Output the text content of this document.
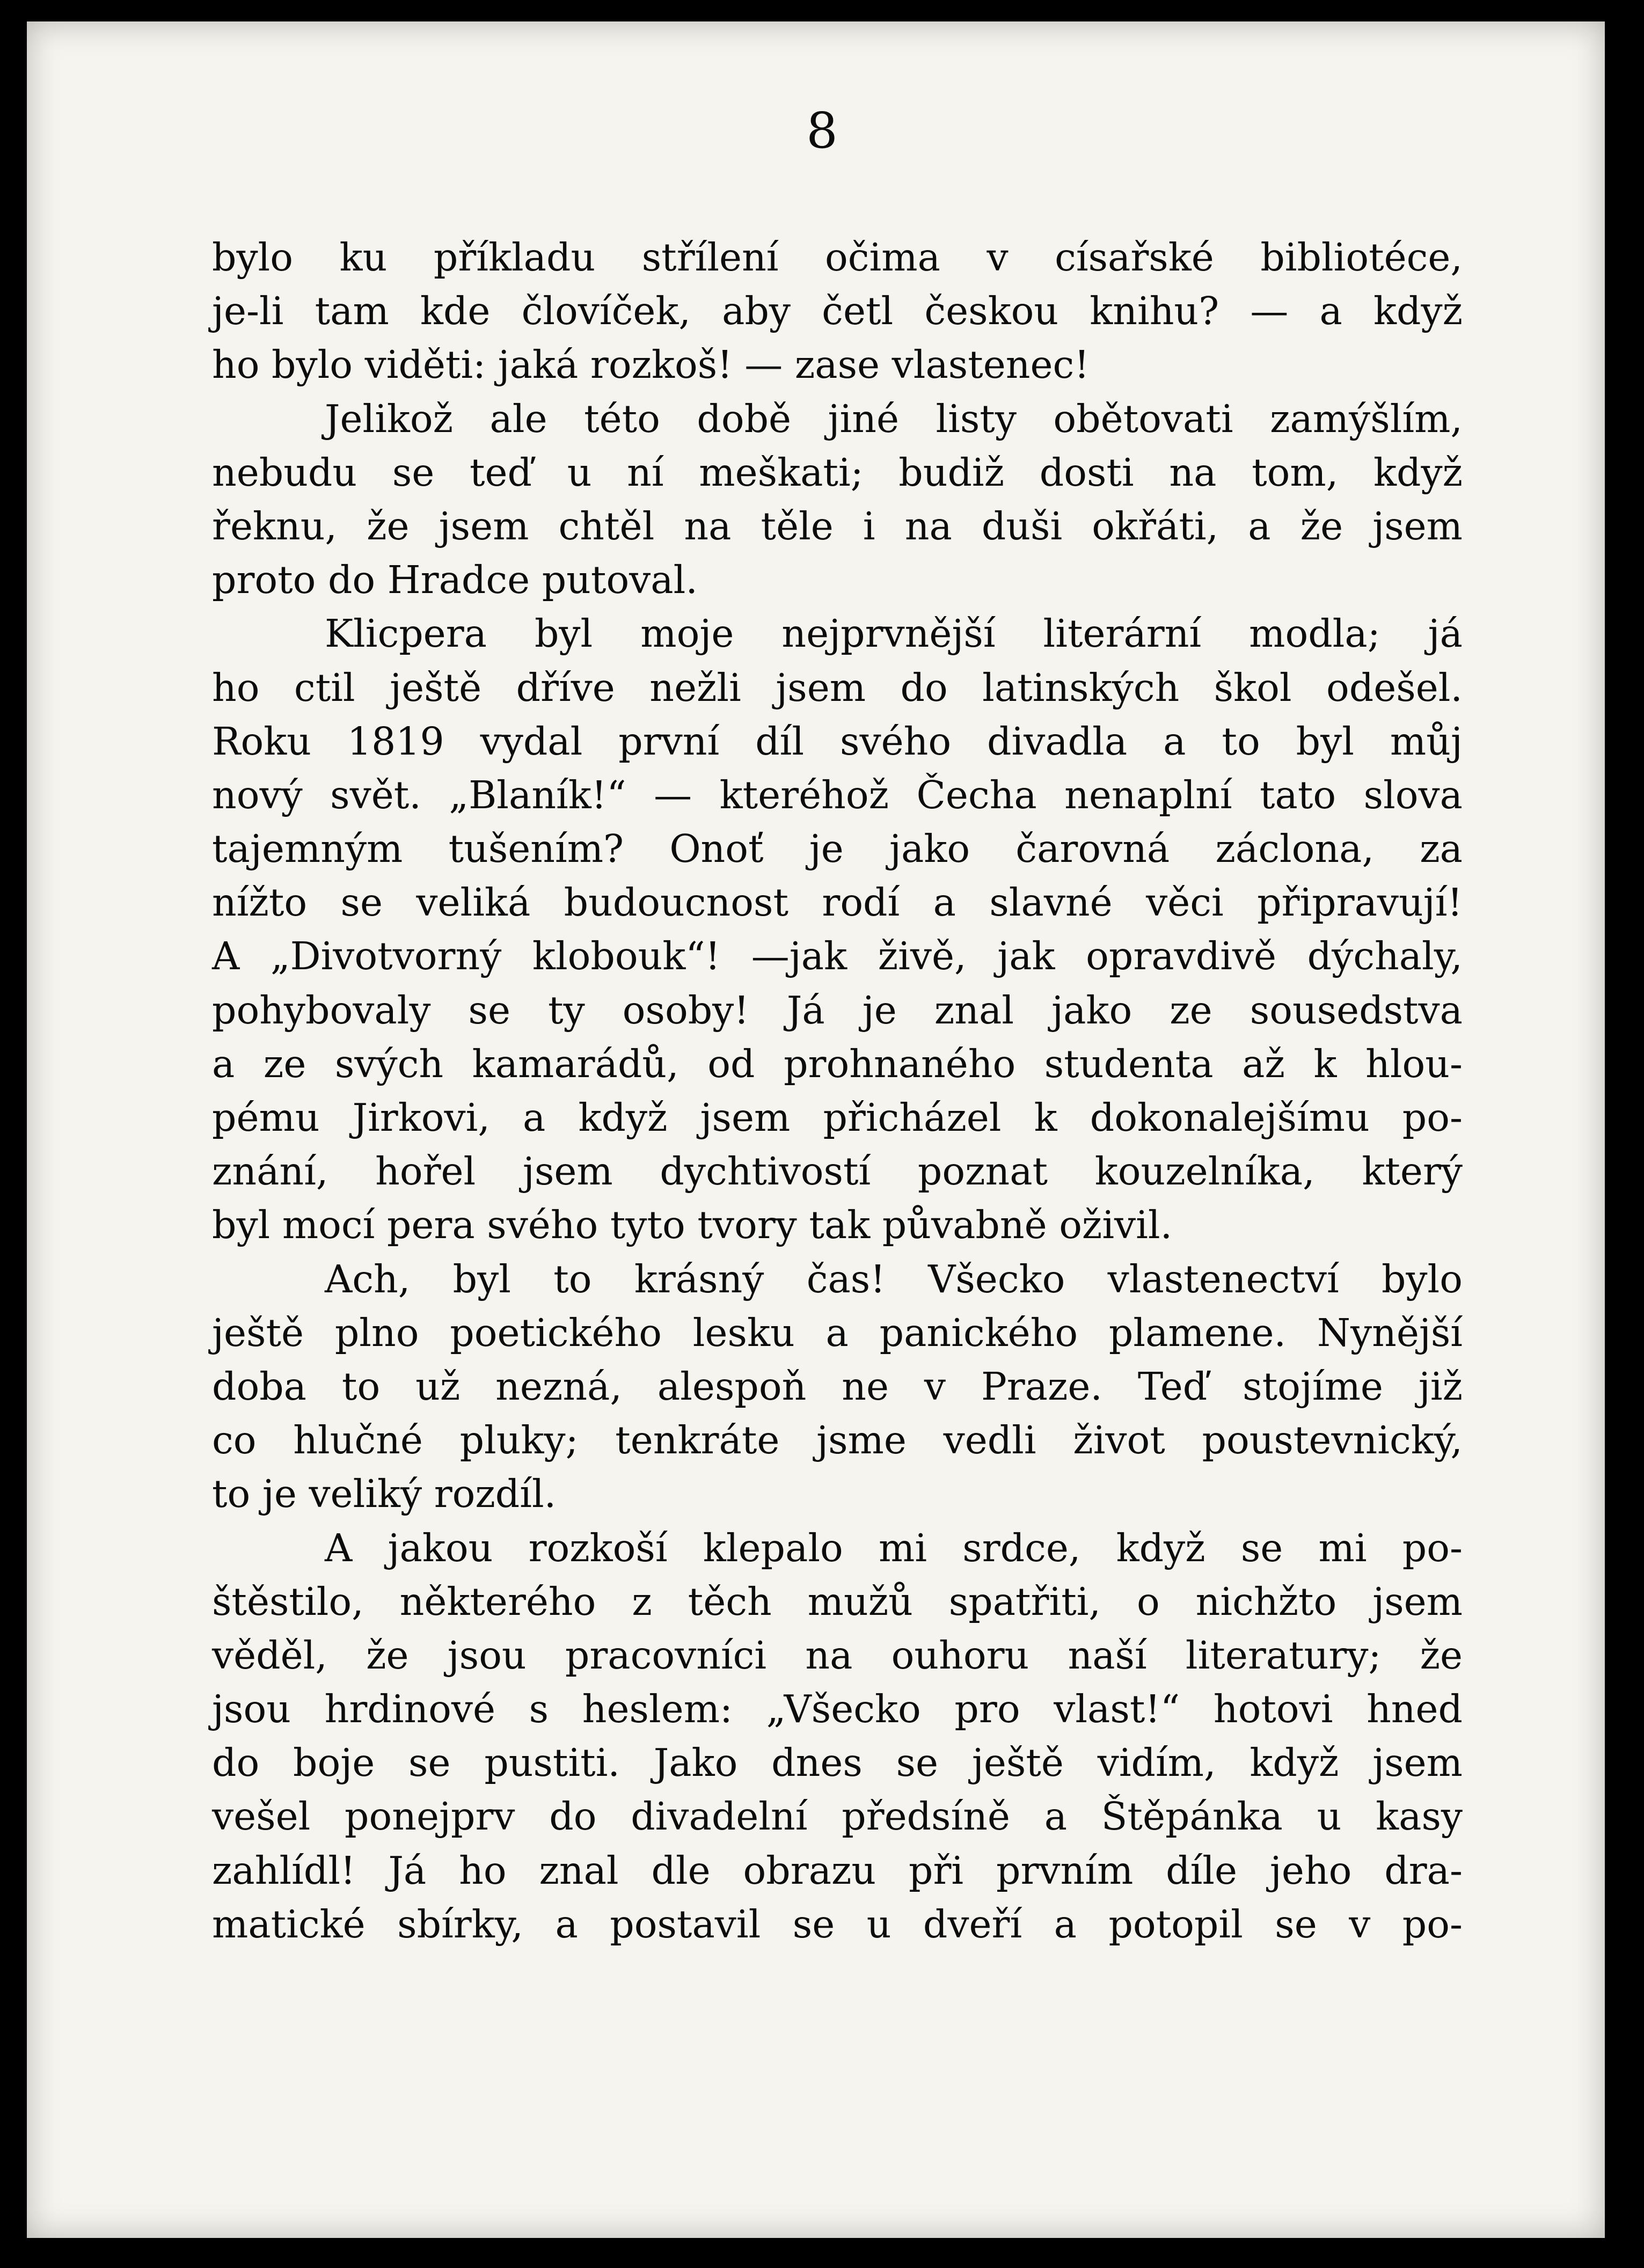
8
bylo ku příkladu střílení očima v císařské bibliotéce,
je-li tam kde človíček, aby četl českou knihu? — a když
ho bylo viděti: jaká rozkoš! — zase vlastenec!
Jelikož ale této době jiné listy obětovati zamýšlím,
nebudu se teď u ní meškati; budiž dosti na tom, když
řeknu, že jsem chtěl na těle i na duši okřáti, a že jsem
proto do Hradce putoval.
Klicpera byl moje nejprvnější literární modla; já
ho ctil ještě dříve nežli jsem do latinských škol odešel.
Roku 1819 vydal první díl svého divadla a to byl můj
nový svět. „Blaník!“ — kteréhož Čecha nenaplní tato slova
tajemným tušením? Onoť je jako čarovná záclona, za
nížto se veliká budoucnost rodí a slavné věci připravují!
A „Divotvorný klobouk“! —jak živě, jak opravdivě dýchaly,
pohybovaly se ty osoby! Já je znal jako ze sousedstva
a ze svých kamarádů, od prohnaného studenta až k hlou-
pému Jirkovi, a když jsem přicházel k dokonalejšímu po-
znání, hořel jsem dychtivostí poznat kouzelníka, který
byl mocí pera svého tyto tvory tak půvabně oživil.
Ach, byl to krásný čas! Všecko vlastenectví bylo
ještě plno poetického lesku a panického plamene. Nynější
doba to už nezná, alespoň ne v Praze. Teď stojíme již
co hlučné pluky; tenkráte jsme vedli život poustevnický,
to je veliký rozdíl.
A jakou rozkoší klepalo mi srdce, když se mi po-
štěstilo, některého z těch mužů spatřiti, o nichžto jsem
věděl, že jsou pracovníci na ouhoru naší literatury; že
jsou hrdinové s heslem: „Všecko pro vlast!“ hotovi hned
do boje se pustiti. Jako dnes se ještě vidím, když jsem
vešel ponejprv do divadelní předsíně a Štěpánka u kasy
zahlídl! Já ho znal dle obrazu při prvním díle jeho dra-
matické sbírky, a postavil se u dveří a potopil se v po-
